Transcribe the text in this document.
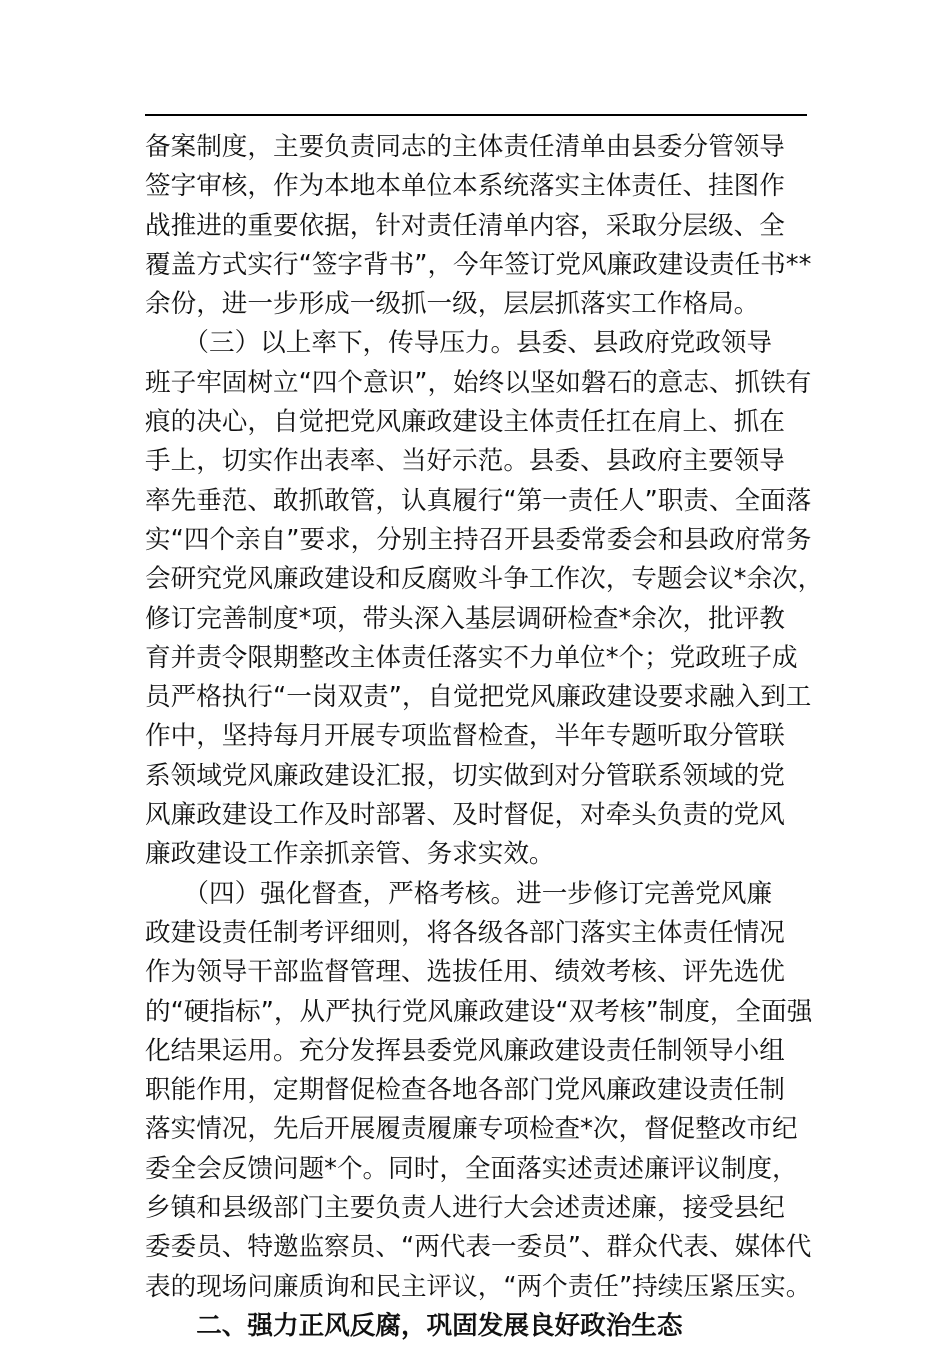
备案制度，主要负责同志的主体责任清单由县委分管领导
签字审核，作为本地本单位本系统落实主体责任、挂图作
战推进的重要依据，针对责任清单内容，采取分层级、全
覆盖方式实行“签字背书”，今年签订党风廉政建设责任书**
余份，进一步形成一级抓一级，层层抓落实工作格局。
　　（三）以上率下，传导压力。县委、县政府党政领导
班子牢固树立“四个意识”，始终以坚如磐石的意志、抓铁有
痕的决心，自觉把党风廉政建设主体责任扛在肩上、抓在
手上，切实作出表率、当好示范。县委、县政府主要领导
率先垂范、敢抓敢管，认真履行“第一责任人”职责、全面落
实“四个亲自”要求，分别主持召开县委常委会和县政府常务
会研究党风廉政建设和反腐败斗争工作次，专题会议*余次，
修订完善制度*项，带头深入基层调研检查*余次，批评教
育并责令限期整改主体责任落实不力单位*个；党政班子成
员严格执行“一岗双责”，自觉把党风廉政建设要求融入到工
作中，坚持每月开展专项监督检查，半年专题听取分管联
系领域党风廉政建设汇报，切实做到对分管联系领域的党
风廉政建设工作及时部署、及时督促，对牵头负责的党风
廉政建设工作亲抓亲管、务求实效。
　　（四）强化督查，严格考核。进一步修订完善党风廉
政建设责任制考评细则，将各级各部门落实主体责任情况
作为领导干部监督管理、选拔任用、绩效考核、评先选优
的“硬指标”，从严执行党风廉政建设“双考核”制度，全面强
化结果运用。充分发挥县委党风廉政建设责任制领导小组
职能作用，定期督促检查各地各部门党风廉政建设责任制
落实情况，先后开展履责履廉专项检查*次，督促整改市纪
委全会反馈问题*个。同时，全面落实述责述廉评议制度，
乡镇和县级部门主要负责人进行大会述责述廉，接受县纪
委委员、特邀监察员、“两代表一委员”、群众代表、媒体代
表的现场问廉质询和民主评议，“两个责任”持续压紧压实。
　　二、强力正风反腐，巩固发展良好政治生态
